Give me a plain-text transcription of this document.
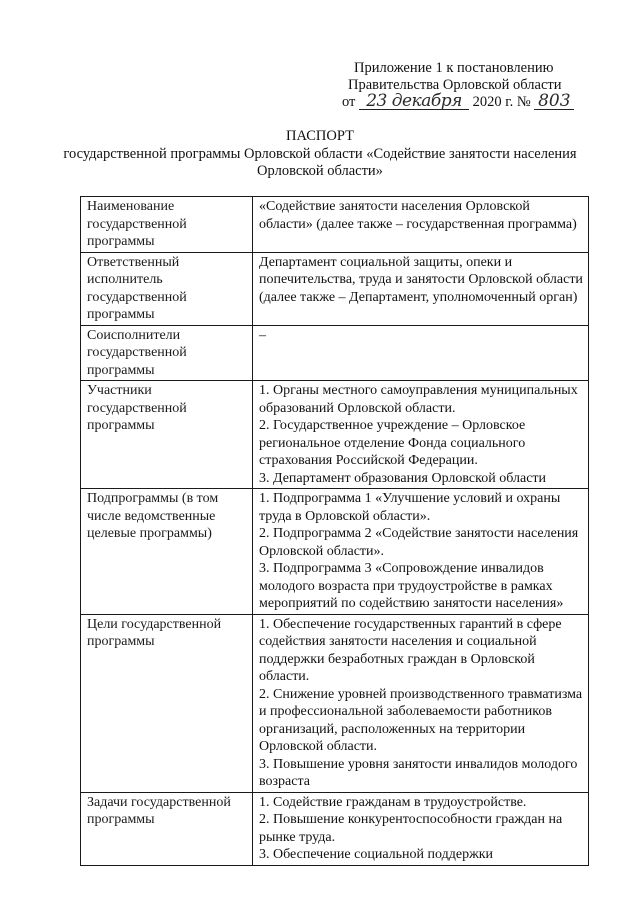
Приложение 1 к постановлению
Правительства Орловской области
от 23 декабря 2020 г. № 803
ПАСПОРТ
государственной программы Орловской области «Содействие занятости населения Орловской области»
Наименование государственной программы	«Содействие занятости населения Орловской области» (далее также – государственная программа)

Ответственный исполнитель государственной программы	Департамент социальной защиты, опеки и попечительства, труда и занятости Орловской области (далее также – Департамент, уполномоченный орган)

Соисполнители государственной программы	–

Участники государственной программы	1. Органы местного самоуправления муниципальных образований Орловской области.
2. Государственное учреждение – Орловское региональное отделение Фонда социального страхования Российской Федерации.
3. Департамент образования Орловской области

Подпрограммы (в том числе ведомственные целевые программы)	1. Подпрограмма 1 «Улучшение условий и охраны труда в Орловской области».
2. Подпрограмма 2 «Содействие занятости населения Орловской области».
3. Подпрограмма 3 «Сопровождение инвалидов молодого возраста при трудоустройстве в рамках мероприятий по содействию занятости населения»

Цели государственной программы	1. Обеспечение государственных гарантий в сфере содействия занятости населения и социальной поддержки безработных граждан в Орловской области.
2. Снижение уровней производственного травматизма и профессиональной заболеваемости работников организаций, расположенных на территории Орловской области.
3. Повышение уровня занятости инвалидов молодого возраста

Задачи государственной программы	1. Содействие гражданам в трудоустройстве.
2. Повышение конкурентоспособности граждан на рынке труда.
3. Обеспечение социальной поддержки
